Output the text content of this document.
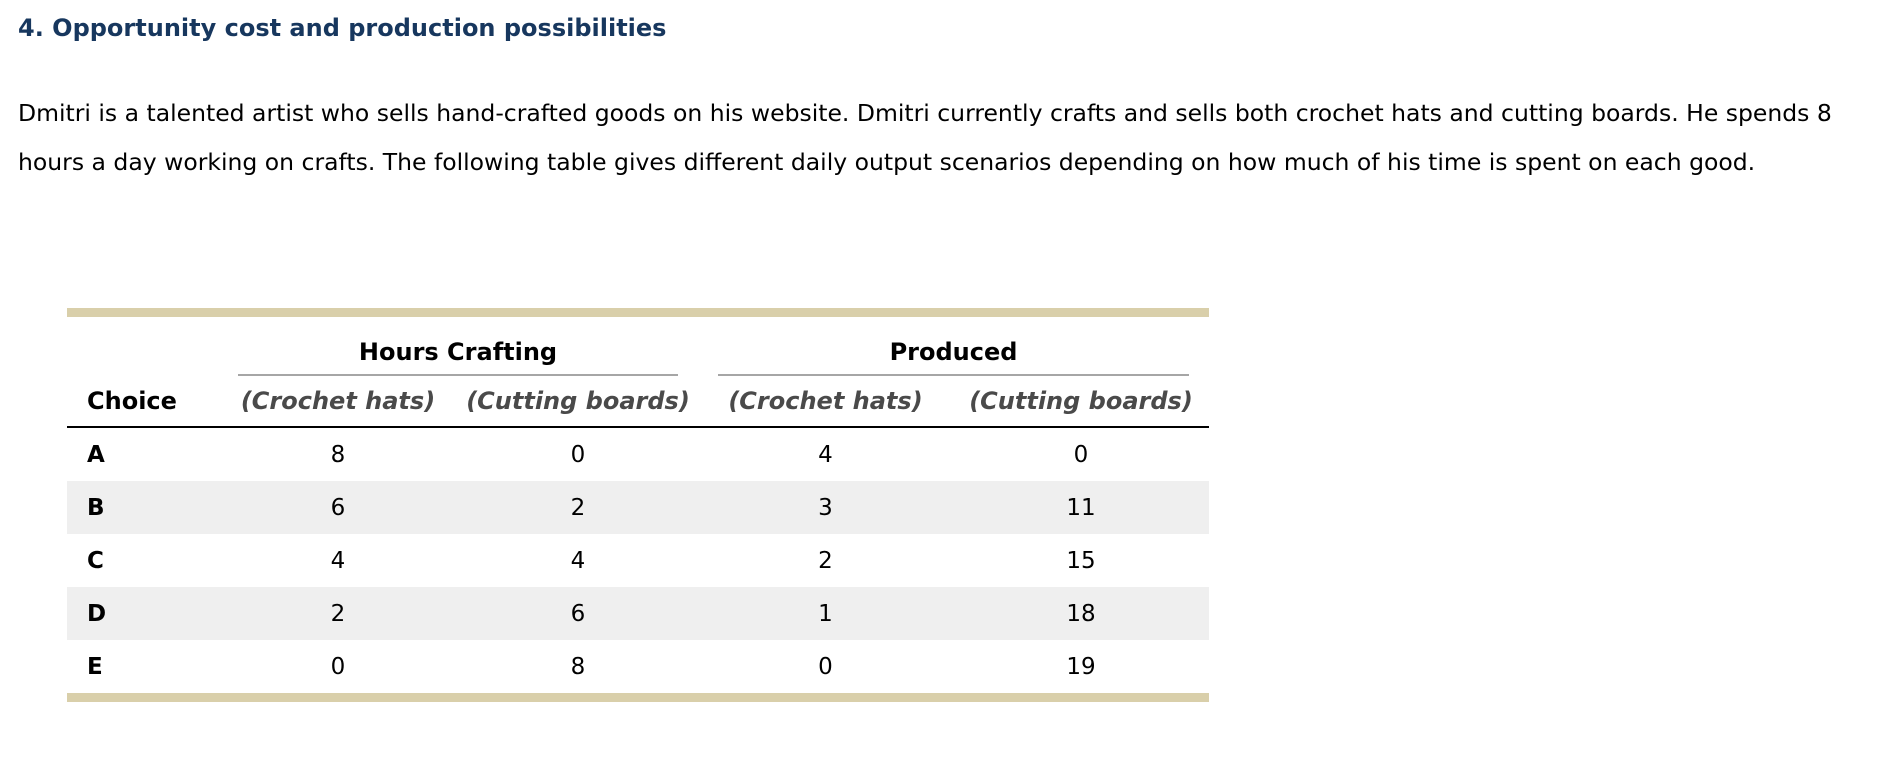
4. Opportunity cost and production possibilities

Dmitri is a talented artist who sells hand-crafted goods on his website. Dmitri currently crafts and sells both crochet hats and cutting boards. He spends 8 hours a day working on crafts. The following table gives different daily output scenarios depending on how much of his time is spent on each good.

	Hours Crafting		Produced	

Choice	(Crochet hats)	(Cutting boards)	(Crochet hats)	(Cutting boards)
A	8	0	4	0
B	6	2	3	11
C	4	4	2	15
D	2	6	1	18
E	0	8	0	19
